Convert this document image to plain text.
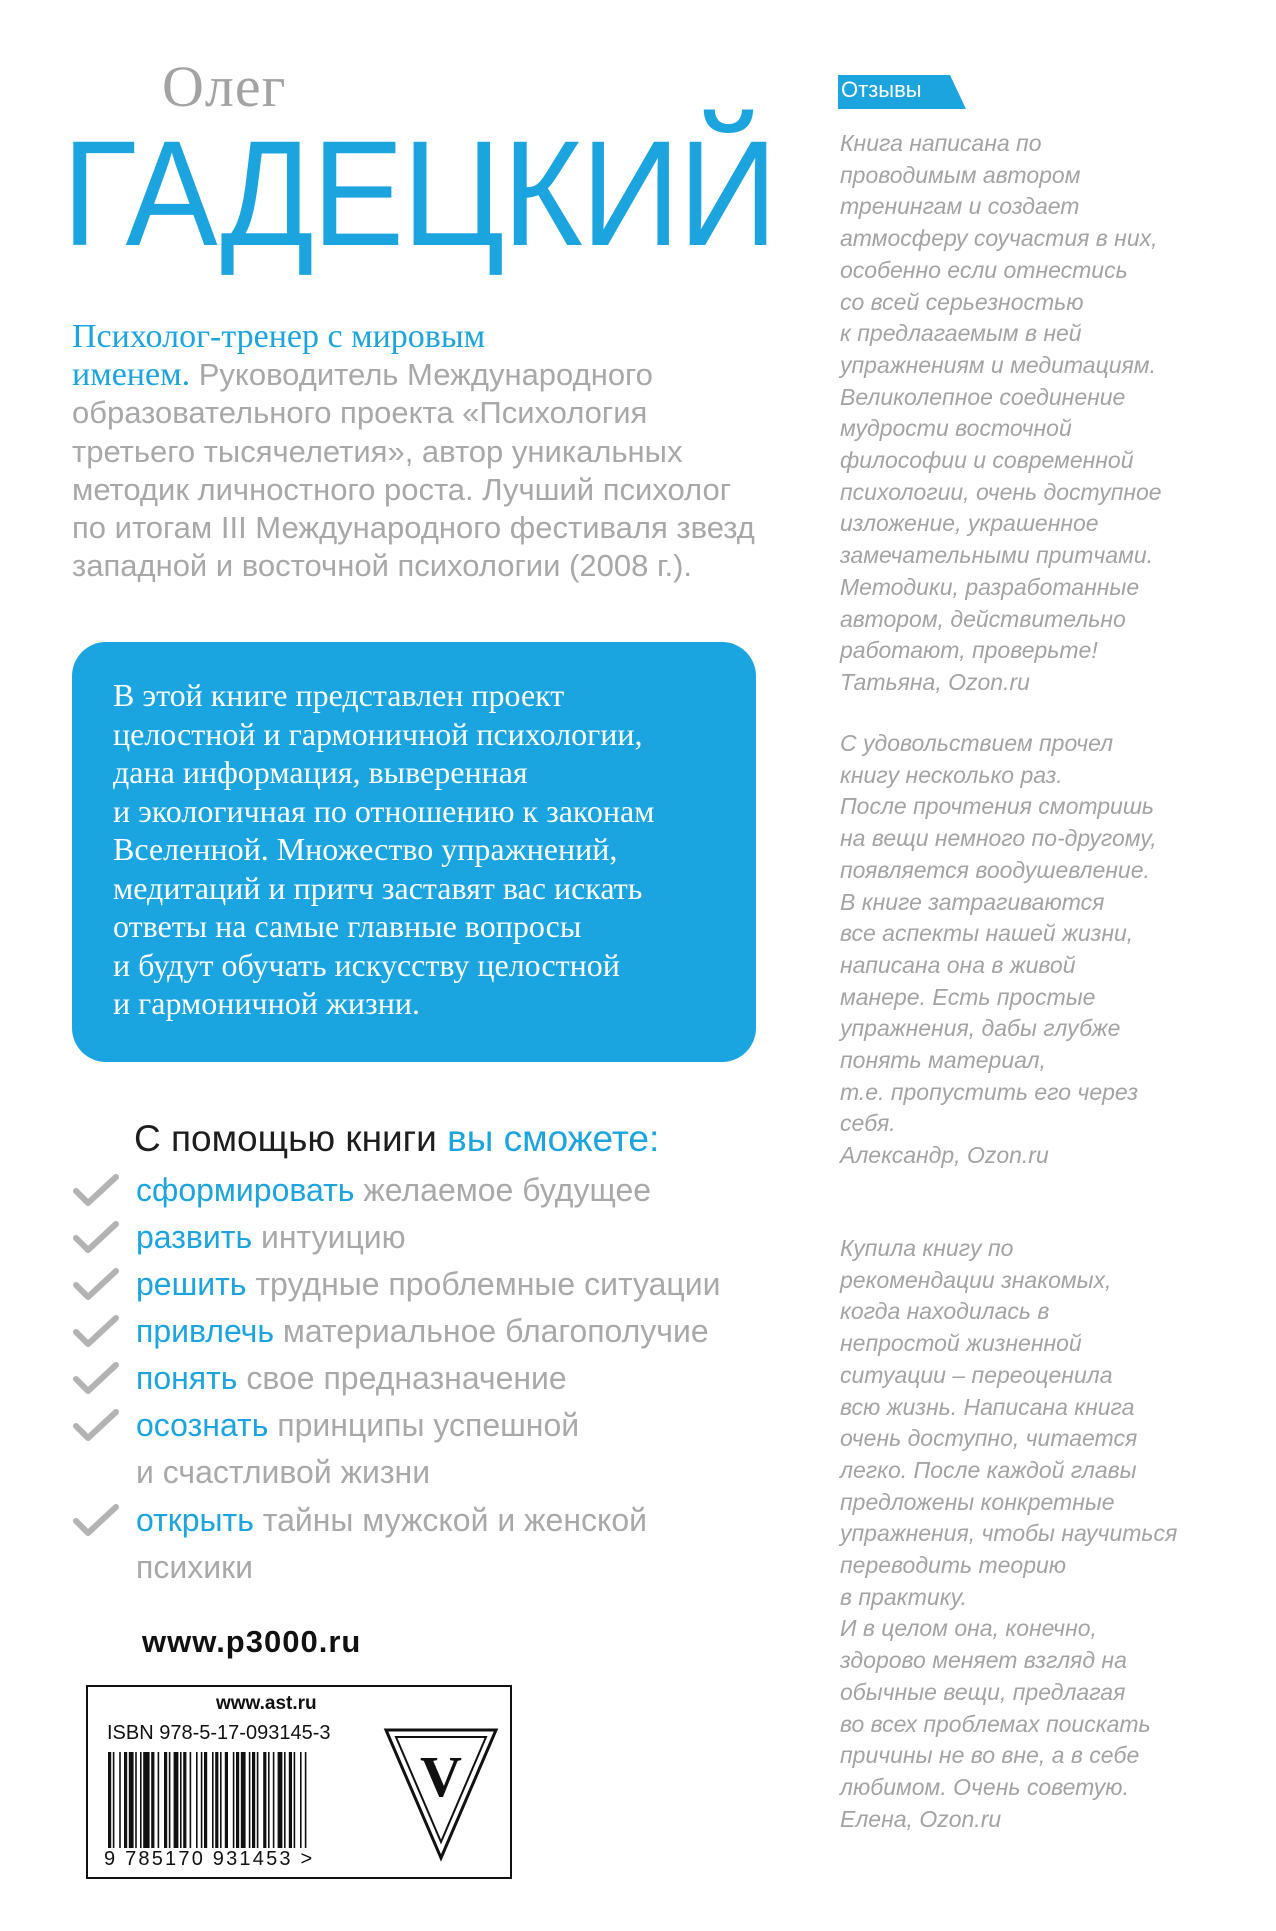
Олег
ГАДЕЦКИЙ
Психолог-тренер с мировым
именем. Руководитель Международного
образовательного проекта «Психология
третьего тысячелетия», автор уникальных
методик личностного роста. Лучший психолог
по итогам III Международного фестиваля звезд
западной и восточной психологии (2008 г.).
В этой книге представлен проект
целостной и гармоничной психологии,
дана информация, выверенная
и экологичная по отношению к законам
Вселенной. Множество упражнений,
медитаций и притч заставят вас искать
ответы на самые главные вопросы
и будут обучать искусству целостной
и гармоничной жизни.
С помощью книги вы сможете:
сформировать желаемое будущее
развить интуицию
решить трудные проблемные ситуации
привлечь материальное благополучие
понять свое предназначение
осознать принципы успешной
и счастливой жизни
открыть тайны мужской и женской
психики
www.p3000.ru
www.ast.ru
ISBN 978-5-17-093145-3
9 785170 931453 >
V
Отзывы
Книга написана по
проводимым автором
тренингам и создает
атмосферу соучастия в них,
особенно если отнестись
со всей серьезностью
к предлагаемым в ней
упражнениям и медитациям.
Великолепное соединение
мудрости восточной
философии и современной
психологии, очень доступное
изложение, украшенное
замечательными притчами.
Методики, разработанные
автором, действительно
работают, проверьте!
Татьяна, Ozon.ru
С удовольствием прочел
книгу несколько раз.
После прочтения смотришь
на вещи немного по-другому,
появляется воодушевление.
В книге затрагиваются
все аспекты нашей жизни,
написана она в живой
манере. Есть простые
упражнения, дабы глубже
понять материал,
т.е. пропустить его через
себя.
Александр, Ozon.ru
Купила книгу по
рекомендации знакомых,
когда находилась в
непростой жизненной
ситуации – переоценила
всю жизнь. Написана книга
очень доступно, читается
легко. После каждой главы
предложены конкретные
упражнения, чтобы научиться
переводить теорию
в практику.
И в целом она, конечно,
здорово меняет взгляд на
обычные вещи, предлагая
во всех проблемах поискать
причины не во вне, а в себе
любимом. Очень советую.
Елена, Ozon.ru
